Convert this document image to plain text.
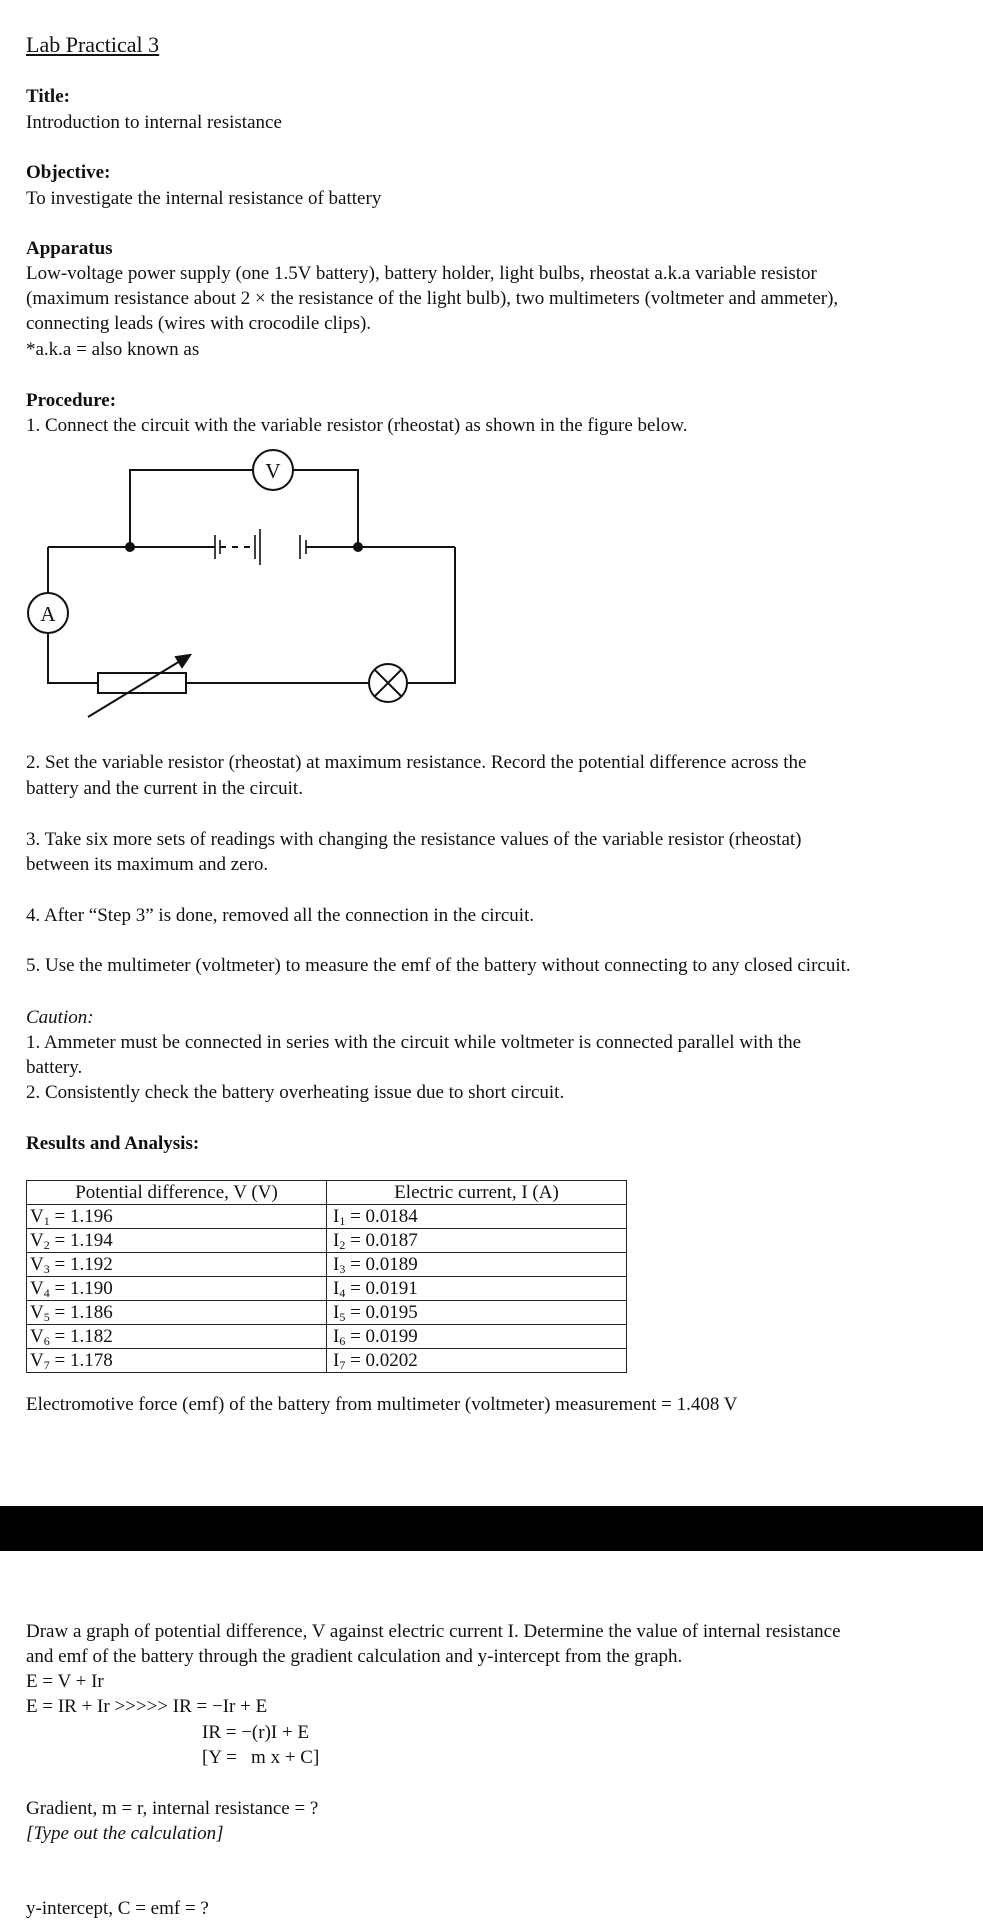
Lab Practical 3
Title:
Introduction to internal resistance
Objective:
To investigate the internal resistance of battery
Apparatus
Low-voltage power supply (one 1.5V battery), battery holder, light bulbs, rheostat a.k.a variable resistor
(maximum resistance about 2 × the resistance of the light bulb), two multimeters (voltmeter and ammeter),
connecting leads (wires with crocodile clips).
*a.k.a = also known as
Procedure:
1. Connect the circuit with the variable resistor (rheostat) as shown in the figure below.
V
A
2. Set the variable resistor (rheostat) at maximum resistance. Record the potential difference across the
battery and the current in the circuit.
3. Take six more sets of readings with changing the resistance values of the variable resistor (rheostat)
between its maximum and zero.
4. After “Step 3” is done, removed all the connection in the circuit.
5. Use the multimeter (voltmeter) to measure the emf of the battery without connecting to any closed circuit.
Caution:
1. Ammeter must be connected in series with the circuit while voltmeter is connected parallel with the
battery.
2. Consistently check the battery overheating issue due to short circuit.
Results and Analysis:
Potential difference, V (V)	Electric current, I (A)
$V_1 = 1.196$	$I_1 = 0.0184$
$V_2 = 1.194$	$I_2 = 0.0187$
$V_3 = 1.192$	$I_3 = 0.0189$
$V_4 = 1.190$	$I_4 = 0.0191$
$V_5 = 1.186$	$I_5 = 0.0195$
$V_6 = 1.182$	$I_6 = 0.0199$
$V_7 = 1.178$	$I_7 = 0.0202$
Electromotive force (emf) of the battery from multimeter (voltmeter) measurement = 1.408 V
Draw a graph of potential difference, V against electric current I. Determine the value of internal resistance
and emf of the battery through the gradient calculation and y-intercept from the graph.
E = V + Ir
E = IR + Ir >>>>> IR = −Ir + E
IR = −(r)I + E
[Y =   m x + C]
Gradient, m = r, internal resistance = ?
[Type out the calculation]
y-intercept, C = emf = ?
